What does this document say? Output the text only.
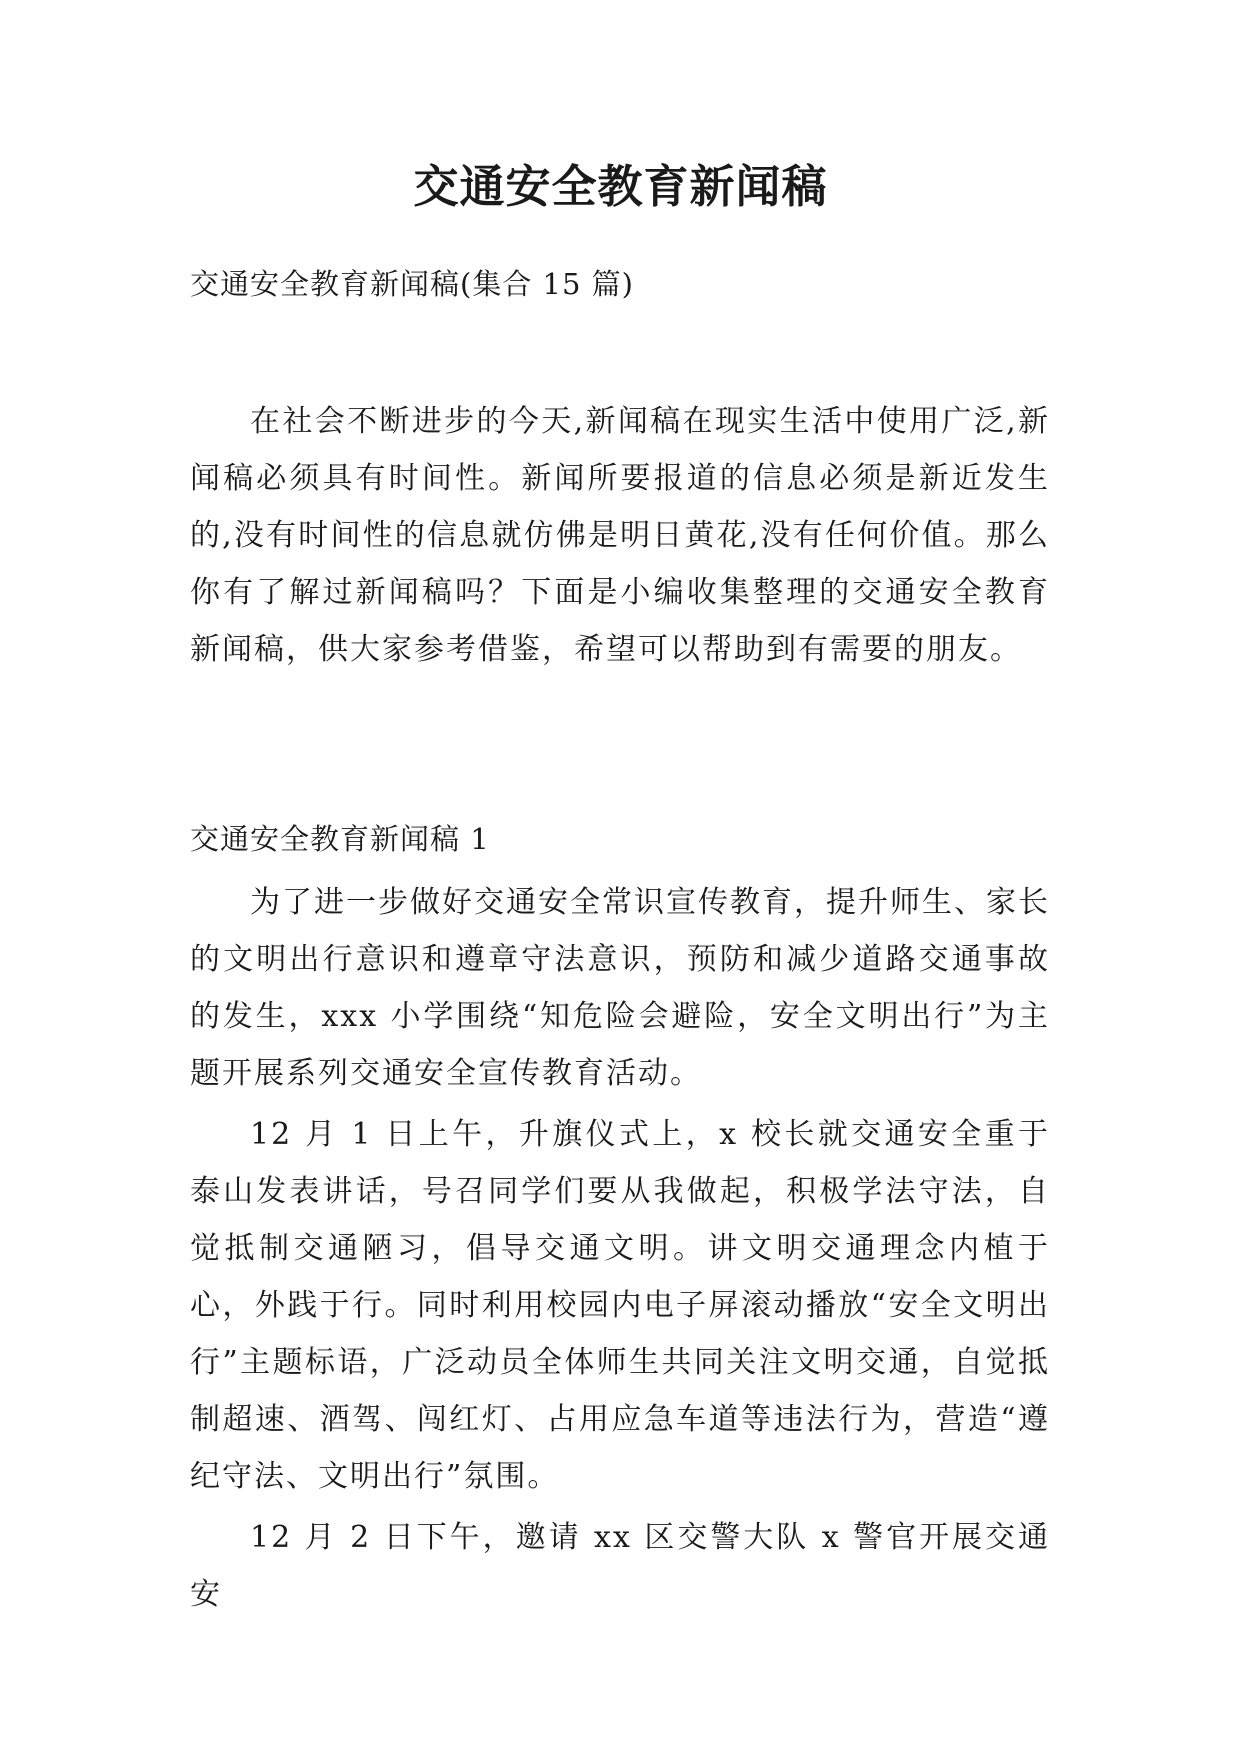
交通安全教育新闻稿
交通安全教育新闻稿(集合 15 篇)

在社会不断进步的今天,新闻稿在现实生活中使用广泛,新闻稿必须具有时间性。新闻所要报道的信息必须是新近发生的,没有时间性的信息就仿佛是明日黄花,没有任何价值。那么你有了解过新闻稿吗？下面是小编收集整理的交通安全教育新闻稿，供大家参考借鉴，希望可以帮助到有需要的朋友。

交通安全教育新闻稿 1

为了进一步做好交通安全常识宣传教育，提升师生、家长的文明出行意识和遵章守法意识，预防和减少道路交通事故的发生，xxx 小学围绕“知危险会避险，安全文明出行”为主题开展系列交通安全宣传教育活动。

12 月 1 日上午，升旗仪式上，x 校长就交通安全重于泰山发表讲话，号召同学们要从我做起，积极学法守法，自觉抵制交通陋习，倡导交通文明。讲文明交通理念内植于心，外践于行。同时利用校园内电子屏滚动播放“安全文明出行”主题标语，广泛动员全体师生共同关注文明交通，自觉抵制超速、酒驾、闯红灯、占用应急车道等违法行为，营造“遵纪守法、文明出行”氛围。

12 月 2 日下午，邀请 xx 区交警大队 x 警官开展交通安
